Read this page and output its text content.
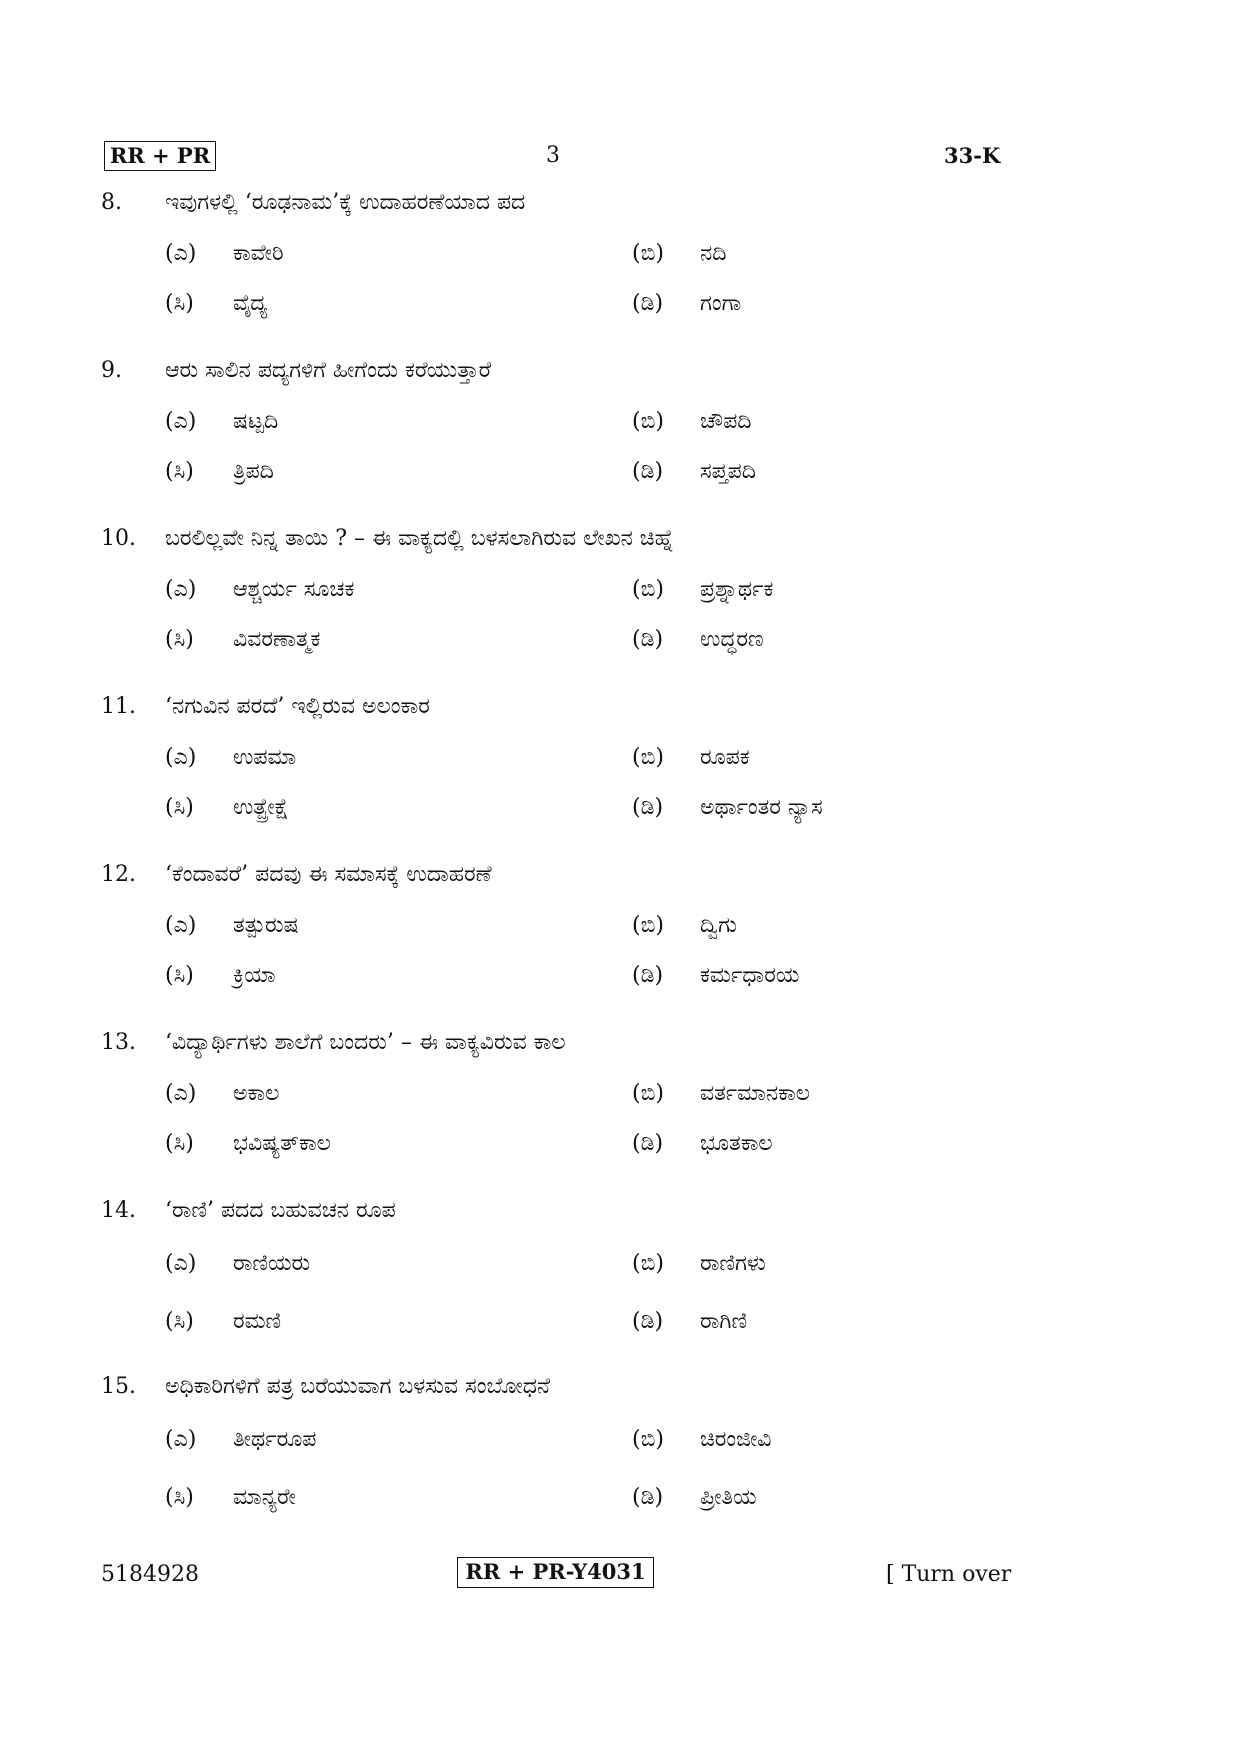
RR + PR	3	33-K
8. ಇವುಗಳಲ್ಲಿ ‘ರೂಢನಾಮ’ಕ್ಕೆ ಉದಾಹರಣೆಯಾದ ಪದ
(ಎ)	ಕಾವೇರಿ	(ಬಿ)	ನದಿ
(ಸಿ)	ವೈದ್ಯ	(ಡಿ)	ಗಂಗಾ
9. ಆರು ಸಾಲಿನ ಪದ್ಯಗಳಿಗೆ ಹೀಗೆಂದು ಕರೆಯುತ್ತಾರೆ
(ಎ)	ಷಟ್ಪದಿ	(ಬಿ)	ಚೌಪದಿ
(ಸಿ)	ತ್ರಿಪದಿ	(ಡಿ)	ಸಪ್ತಪದಿ
10. ಬರಲಿಲ್ಲವೇ ನಿನ್ನ ತಾಯಿ ? – ಈ ವಾಕ್ಯದಲ್ಲಿ ಬಳಸಲಾಗಿರುವ ಲೇಖನ ಚಿಹ್ನೆ
(ಎ)	ಆಶ್ಚರ್ಯ ಸೂಚಕ	(ಬಿ)	ಪ್ರಶ್ನಾರ್ಥಕ
(ಸಿ)	ವಿವರಣಾತ್ಮಕ	(ಡಿ)	ಉದ್ಧರಣ
11. ‘ನಗುವಿನ ಪರದೆ’ ಇಲ್ಲಿರುವ ಅಲಂಕಾರ
(ಎ)	ಉಪಮಾ	(ಬಿ)	ರೂಪಕ
(ಸಿ)	ಉತ್ಪ್ರೇಕ್ಷೆ	(ಡಿ)	ಅರ್ಥಾಂತರ ನ್ಯಾಸ
12. ‘ಕೆಂದಾವರೆ’ ಪದವು ಈ ಸಮಾಸಕ್ಕೆ ಉದಾಹರಣೆ
(ಎ)	ತತ್ಪುರುಷ	(ಬಿ)	ದ್ವಿಗು
(ಸಿ)	ಕ್ರಿಯಾ	(ಡಿ)	ಕರ್ಮಧಾರಯ
13. ‘ವಿದ್ಯಾರ್ಥಿಗಳು ಶಾಲೆಗೆ ಬಂದರು’ – ಈ ವಾಕ್ಯವಿರುವ ಕಾಲ
(ಎ)	ಅಕಾಲ	(ಬಿ)	ವರ್ತಮಾನಕಾಲ
(ಸಿ)	ಭವಿಷ್ಯತ್‌ಕಾಲ	(ಡಿ)	ಭೂತಕಾಲ
14. ‘ರಾಣಿ’ ಪದದ ಬಹುವಚನ ರೂಪ
(ಎ)	ರಾಣಿಯರು	(ಬಿ)	ರಾಣಿಗಳು
(ಸಿ)	ರಮಣಿ	(ಡಿ)	ರಾಗಿಣಿ
15. ಅಧಿಕಾರಿಗಳಿಗೆ ಪತ್ರ ಬರೆಯುವಾಗ ಬಳಸುವ ಸಂಬೋಧನೆ
(ಎ)	ತೀರ್ಥರೂಪ	(ಬಿ)	ಚಿರಂಜೀವಿ
(ಸಿ)	ಮಾನ್ಯರೇ	(ಡಿ)	ಪ್ರೀತಿಯ
5184928	RR + PR-Y4031	[ Turn over
